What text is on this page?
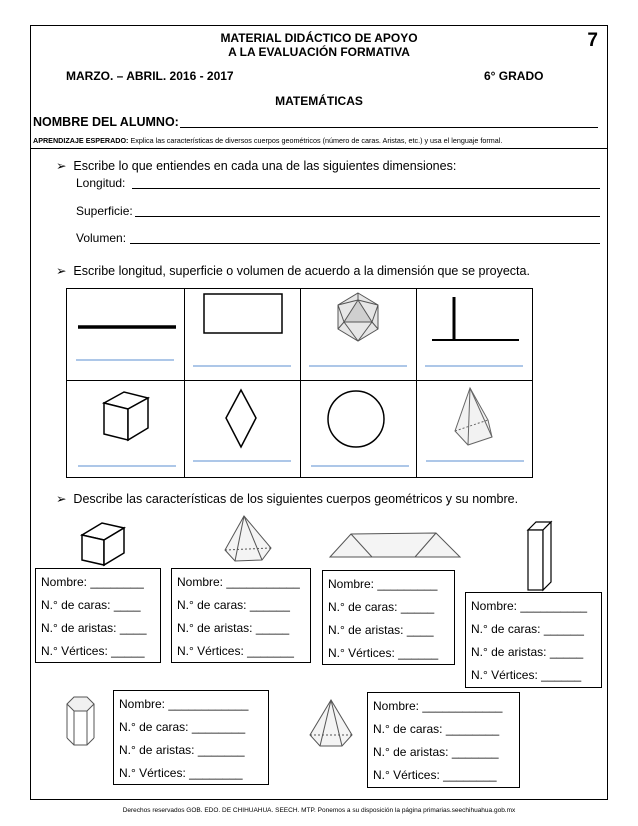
MATERIAL DIDÁCTICO DE APOYO
A LA EVALUACIÓN FORMATIVA
7
MARZO. – ABRIL. 2016 - 2017	6° GRADO
MATEMÁTICAS
NOMBRE DEL ALUMNO:
APRENDIZAJE ESPERADO: Explica las características de diversos cuerpos geométricos (número de caras. Aristas, etc.) y usa el lenguaje formal.
➢  Escribe lo que entiendes en cada una de las siguientes dimensiones:
Longitud:
Superficie:
Volumen:
➢  Escribe longitud, superficie o volumen de acuerdo a la dimensión que se proyecta.
➢  Describe las características de los siguientes cuerpos geométricos y su nombre.
Nombre: ________
N.° de caras: ____
N.° de aristas: ____
N.° Vértices: _____
Nombre: ___________
N.° de caras: ______
N.° de aristas: _____
N.° Vértices: _______
Nombre: _________
N.° de caras: _____
N.° de aristas: ____
N.° Vértices: ______
Nombre: __________
N.° de caras: ______
N.° de aristas: _____
N.° Vértices: ______
Nombre: ____________
N.° de caras: ________
N.° de aristas: _______
N.° Vértices: ________
Nombre: ____________
N.° de caras: ________
N.° de aristas: _______
N.° Vértices: ________
Derechos reservados GOB. EDO. DE CHIHUAHUA. SEECH. MTP. Ponemos a su disposición la página primarias.seechihuahua.gob.mx
